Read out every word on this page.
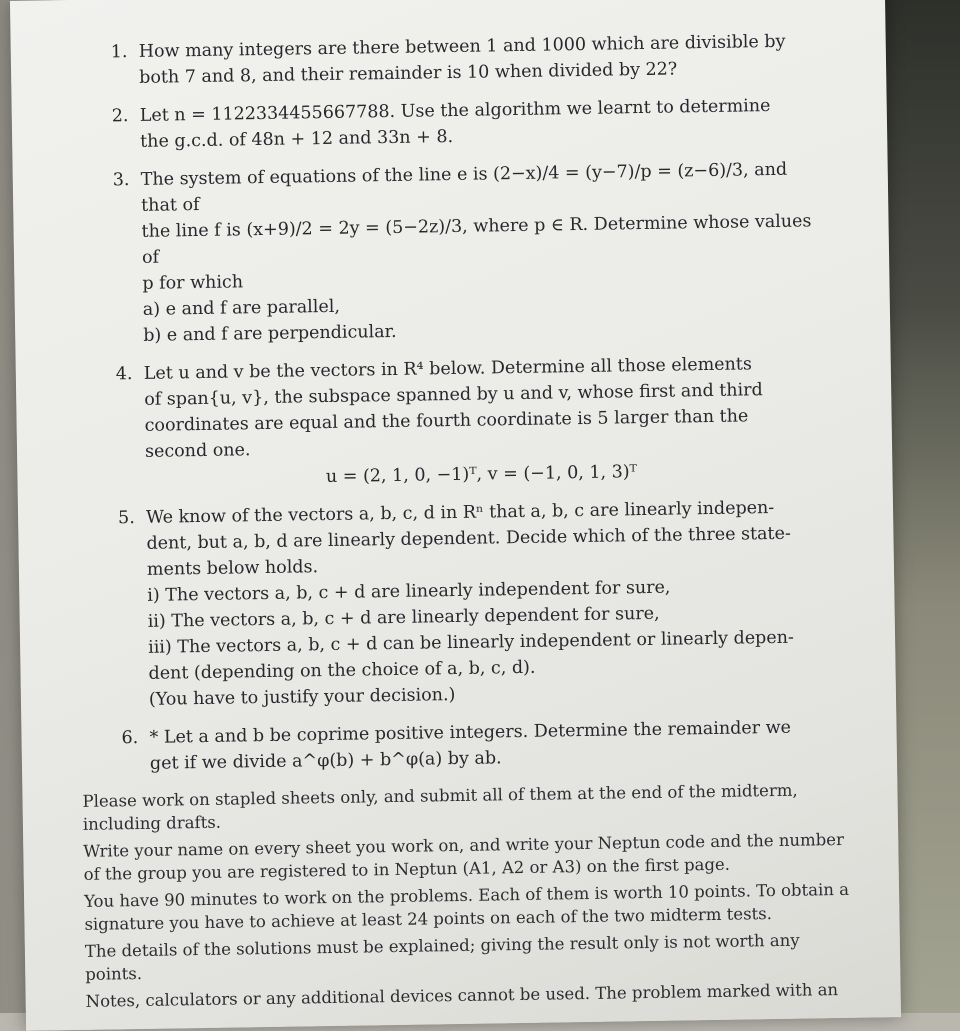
1. How many integers are there between 1 and 1000 which are divisible by
both 7 and 8, and their remainder is 10 when divided by 22?
2. Let n = 1122334455667788. Use the algorithm we learnt to determine
the g.c.d. of 48n + 12 and 33n + 8.
3. The system of equations of the line e is (2−x)/4 = (y−7)/p = (z−6)/3, and that of
the line f is (x+9)/2 = 2y = (5−2z)/3, where p ∈ R. Determine whose values of
p for which

a) e and f are parallel,

b) e and f are perpendicular.

4. Let u and v be the vectors in R⁴ below. Determine all those elements
of span{u, v}, the subspace spanned by u and v, whose first and third
coordinates are equal and the fourth coordinate is 5 larger than the
second one.

u = (2, 1, 0, −1)ᵀ, v = (−1, 0, 1, 3)ᵀ

5. We know of the vectors a, b, c, d in Rⁿ that a, b, c are linearly indepen-
dent, but a, b, d are linearly dependent. Decide which of the three state-
ments below holds.

i) The vectors a, b, c + d are linearly independent for sure,

ii) The vectors a, b, c + d are linearly dependent for sure,

iii) The vectors a, b, c + d can be linearly independent or linearly depen-

dent (depending on the choice of a, b, c, d).

(You have to justify your decision.)

6. * Let a and b be coprime positive integers. Determine the remainder we
get if we divide a^φ(b) + b^φ(a) by ab.

Please work on stapled sheets only, and submit all of them at the end of the midterm, including drafts.

Write your name on every sheet you work on, and write your Neptun code and the number of the group you are registered to in Neptun (A1, A2 or A3) on the first page.

You have 90 minutes to work on the problems. Each of them is worth 10 points. To obtain a signature you have to achieve at least 24 points on each of the two midterm tests.

The details of the solutions must be explained; giving the result only is not worth any points.

Notes, calculators or any additional devices cannot be used. The problem marked with an
